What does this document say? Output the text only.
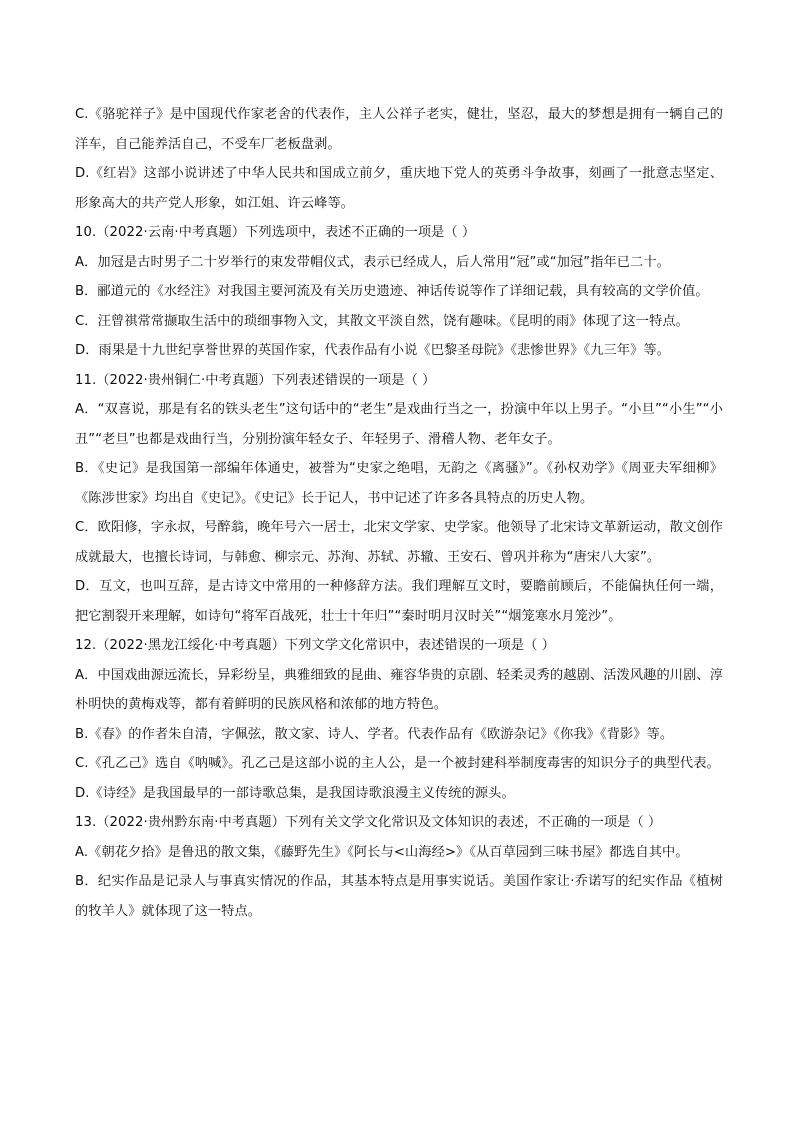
C.《骆驼祥子》是中国现代作家老舍的代表作，主人公祥子老实，健壮，坚忍，最大的梦想是拥有一辆自己的洋车，自己能养活自己，不受车厂老板盘剥。

D.《红岩》这部小说讲述了中华人民共和国成立前夕，重庆地下党人的英勇斗争故事，刻画了一批意志坚定、形象高大的共产党人形象，如江姐、许云峰等。

10.（2022·云南·中考真题）下列选项中，表述不正确的一项是（ ）

A．加冠是古时男子二十岁举行的束发带帽仪式，表示已经成人，后人常用“冠”或“加冠”指年已二十。

B．郦道元的《水经注》对我国主要河流及有关历史遗迹、神话传说等作了详细记载，具有较高的文学价值。

C．汪曾祺常常撷取生活中的琐细事物入文，其散文平淡自然，饶有趣味。《昆明的雨》体现了这一特点。

D．雨果是十九世纪享誉世界的英国作家，代表作品有小说《巴黎圣母院》《悲惨世界》《九三年》等。

11.（2022·贵州铜仁·中考真题）下列表述错误的一项是（ ）

A．“双喜说，那是有名的铁头老生”这句话中的“老生”是戏曲行当之一，扮演中年以上男子。“小旦”“小生”“小丑”“老旦”也都是戏曲行当，分别扮演年轻女子、年轻男子、滑稽人物、老年女子。

B．《史记》是我国第一部编年体通史，被誉为“史家之绝唱，无韵之《离骚》”。《孙权劝学》《周亚夫军细柳》《陈涉世家》均出自《史记》。《史记》长于记人，书中记述了许多各具特点的历史人物。

C．欧阳修，字永叔，号醉翁，晚年号六一居士，北宋文学家、史学家。他领导了北宋诗文革新运动，散文创作成就最大，也擅长诗词，与韩愈、柳宗元、苏洵、苏轼、苏辙、王安石、曾巩并称为“唐宋八大家”。

D．互文，也叫互辞，是古诗文中常用的一种修辞方法。我们理解互文时，要瞻前顾后，不能偏执任何一端，把它割裂开来理解，如诗句“将军百战死，壮士十年归”“秦时明月汉时关”“烟笼寒水月笼沙”。

12.（2022·黑龙江绥化·中考真题）下列文学文化常识中，表述错误的一项是（ ）

A．中国戏曲源远流长，异彩纷呈，典雅细致的昆曲、雍容华贵的京剧、轻柔灵秀的越剧、活泼风趣的川剧、淳朴明快的黄梅戏等，都有着鲜明的民族风格和浓郁的地方特色。

B.《春》的作者朱自清，字佩弦，散文家、诗人、学者。代表作品有《欧游杂记》《你我》《背影》等。

C.《孔乙己》选自《呐喊》。孔乙己是这部小说的主人公，是一个被封建科举制度毒害的知识分子的典型代表。

D.《诗经》是我国最早的一部诗歌总集，是我国诗歌浪漫主义传统的源头。

13.（2022·贵州黔东南·中考真题）下列有关文学文化常识及文体知识的表述，不正确的一项是（ ）

A.《朝花夕拾》是鲁迅的散文集，《藤野先生》《阿长与<山海经>》《从百草园到三味书屋》都选自其中。

B．纪实作品是记录人与事真实情况的作品，其基本特点是用事实说话。美国作家让·乔诺写的纪实作品《植树的牧羊人》就体现了这一特点。
